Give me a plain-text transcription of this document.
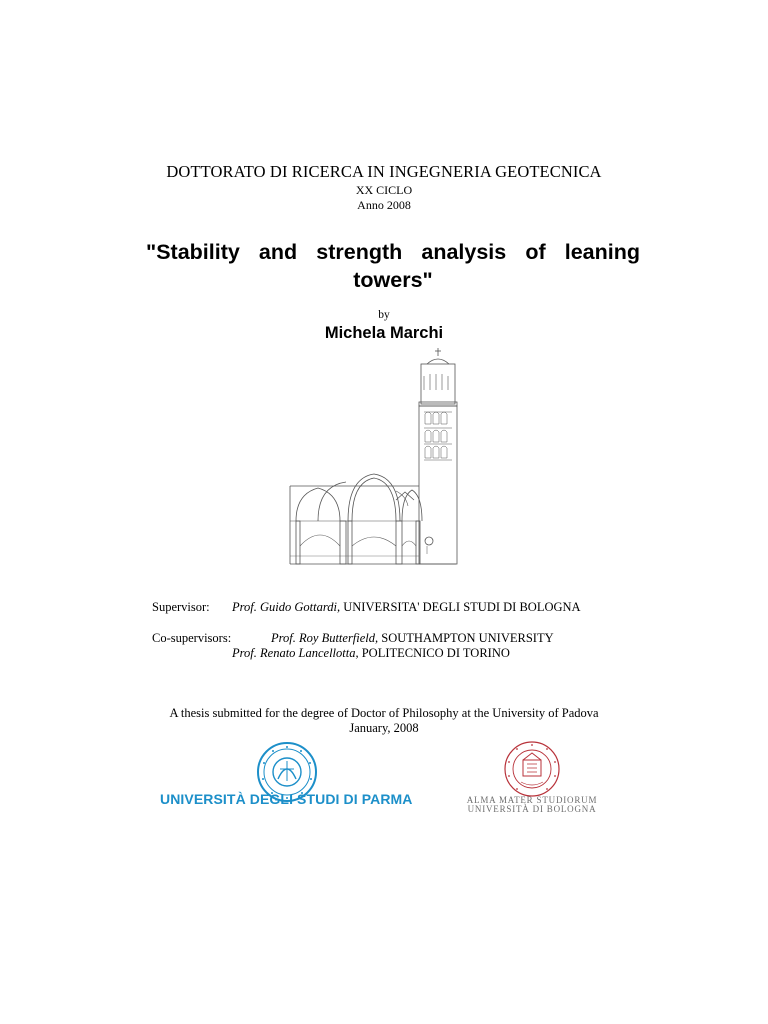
DOTTORATO DI RICERCA IN INGEGNERIA GEOTECNICA
XX CICLO
Anno 2008
"Stability and strength analysis of leaning towers"
by
Michela Marchi
Supervisor: Prof. Guido Gottardi, UNIVERSITA' DEGLI STUDI DI BOLOGNA
Co-supervisors:	Prof. Roy Butterfield, SOUTHAMPTON UNIVERSITY
Prof. Renato Lancellotta, POLITECNICO DI TORINO
A thesis submitted for the degree of Doctor of Philosophy at the University of Padova
January, 2008
UNIVERSITÀ DEGLI STUDI DI PARMA	ALMA MATER STUDIORUM
UNIVERSITÀ DI BOLOGNA
